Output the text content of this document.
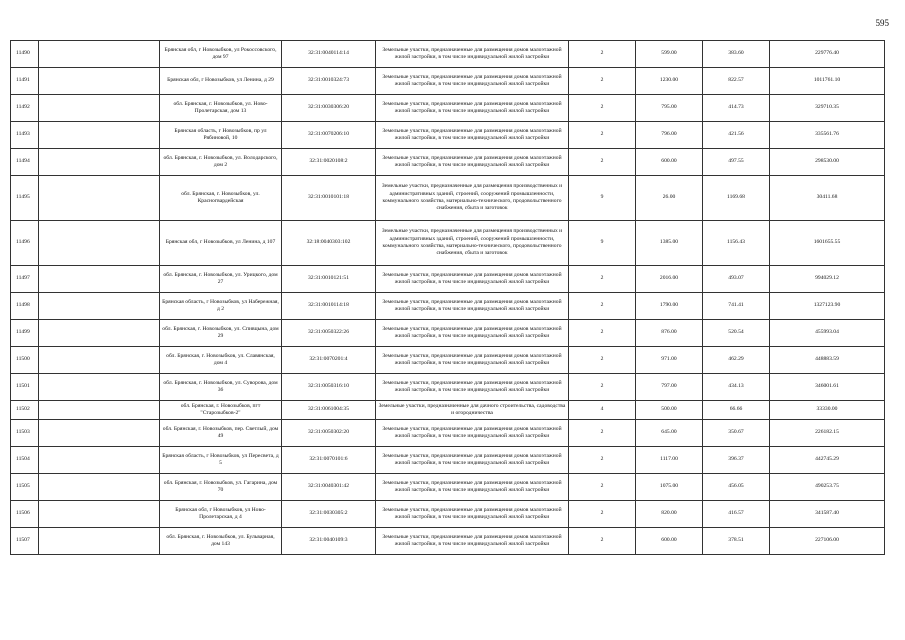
595
11490		Брянская обл, г Новозыбков, ул Рокоссовского, дом 97	32:31:0040114:14	Земельные участки, предназначенные для размещения домов малоэтажной жилой застройки, в том числе индивидуальной жилой застройки	2	599.00	383.60	229776.40
11491		Брянская обл, г Новозыбков, ул Ленина, д 29	32:31:0010324:73	Земельные участки, предназначенные для размещения домов малоэтажной жилой застройки, в том числе индивидуальной жилой застройки	2	1230.00	822.57	1011761.10
11492		обл. Брянская, г. Новозыбков, ул. Ново-Пролетарская, дом 13	32:31:0030306:20	Земельные участки, предназначенные для размещения домов малоэтажной жилой застройки, в том числе индивидуальной жилой застройки	2	795.00	414.73	329710.35
11493		Брянская область, г Новозыбков, пр ул Рябиновой, 10	32:31:0070206:10	Земельные участки, предназначенные для размещения домов малоэтажной жилой застройки, в том числе индивидуальной жилой застройки	2	796.00	421.56	335561.76
11494		обл. Брянская, г. Новозыбков, ул. Володарского, дом 2	32:31:0020108:2	Земельные участки, предназначенные для размещения домов малоэтажной жилой застройки, в том числе индивидуальной жилой застройки	2	600.00	497.55	298530.00
11495		обл. Брянская, г. Новозыбков, ул. Красногвардейская	32:31:0010101:18	Земельные участки, предназначенные для размещения производственных и административных зданий, строений, сооружений промышленности, коммунального хозяйства, материально-технического, продовольственного снабжения, сбыта и заготовок	9	26.00	1169.68	30411.68
11496		Брянская обл, г Новозыбков, ул Ленина, д 107	32:18:0040303:102	Земельные участки, предназначенные для размещения производственных и административных зданий, строений, сооружений промышленности, коммунального хозяйства, материально-технического, продовольственного снабжения, сбыта и заготовок	9	1385.00	1156.43	1601655.55
11497		обл. Брянская, г. Новозыбков, ул. Урицкого, дом 27	32:31:0010121:51	Земельные участки, предназначенные для размещения домов малоэтажной жилой застройки, в том числе индивидуальной жилой застройки	2	2016.00	493.07	994029.12
11498		Брянская область, г Новозыбков, ул Набережная, д 2	32:31:0010114:18	Земельные участки, предназначенные для размещения домов малоэтажной жилой застройки, в том числе индивидуальной жилой застройки	2	1790.00	741.41	1327123.90
11499		обл. Брянская, г. Новозыбков, ул. Спивцына, дом 29	32:31:0050322:26	Земельные участки, предназначенные для размещения домов малоэтажной жилой застройки, в том числе индивидуальной жилой застройки	2	876.00	520.54	455993.04
11500		обл. Брянская, г. Новозыбков, ул. Славянская, дом 4	32:31:0070201:4	Земельные участки, предназначенные для размещения домов малоэтажной жилой застройки, в том числе индивидуальной жилой застройки	2	971.00	462.29	448883.59
11501		обл. Брянская, г. Новозыбков, ул. Суворова, дом 36	32:31:0050316:10	Земельные участки, предназначенные для размещения домов малоэтажной жилой застройки, в том числе индивидуальной жилой застройки	2	797.00	434.13	346001.61
11502		обл. Брянская, г. Новозыбков, пгт "Старозыбков-2"	32:31:0061004:35	Земельные участки, предназначенные для дачного строительства, садоводства и огородничества	4	500.00	66.66	33330.00
11503		обл. Брянская, г. Новозыбков, пер. Светлый, дом 49	32:31:0050302:20	Земельные участки, предназначенные для размещения домов малоэтажной жилой застройки, в том числе индивидуальной жилой застройки	2	645.00	350.67	226182.15
11504		Брянская область, г Новозыбков, ул Пересвета, д 5	32:31:0070101:6	Земельные участки, предназначенные для размещения домов малоэтажной жилой застройки, в том числе индивидуальной жилой застройки	2	1117.00	396.37	442745.29
11505		обл. Брянская, г. Новозыбков, ул. Гагарина, дом 70	32:31:0040301:42	Земельные участки, предназначенные для размещения домов малоэтажной жилой застройки, в том числе индивидуальной жилой застройки	2	1075.00	456.05	490253.75
11506		Брянская обл, г Новозыбков, ул Ново-Пролетарская, д 4	32:31:0030305:2	Земельные участки, предназначенные для размещения домов малоэтажной жилой застройки, в том числе индивидуальной жилой застройки	2	820.00	416.57	341587.40
11507		обл. Брянская, г. Новозыбков, ул. Бульварная, дом 143	32:31:0040109:3	Земельные участки, предназначенные для размещения домов малоэтажной жилой застройки, в том числе индивидуальной жилой застройки	2	600.00	378.51	227106.00
